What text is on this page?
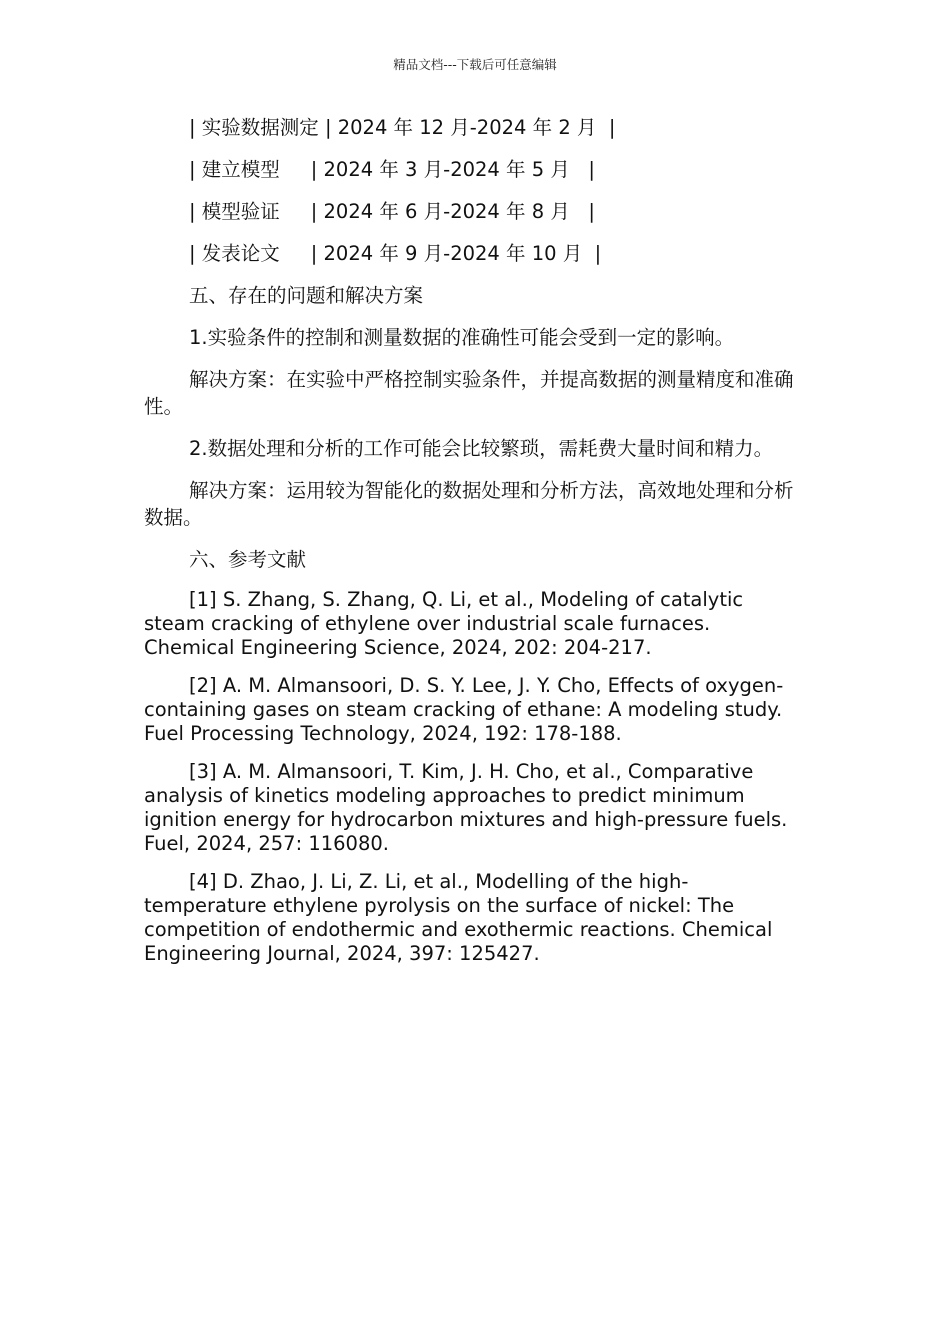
精品文档---下载后可任意编辑
| 实验数据测定 | 2024 年 12 月-2024 年 2 月  |
| 建立模型     | 2024 年 3 月-2024 年 5 月   |
| 模型验证     | 2024 年 6 月-2024 年 8 月   |
| 发表论文     | 2024 年 9 月-2024 年 10 月  |
五、存在的问题和解决方案
1.实验条件的控制和测量数据的准确性可能会受到一定的影响。
解决方案：在实验中严格控制实验条件，并提高数据的测量精度和准确性。
2.数据处理和分析的工作可能会比较繁琐，需耗费大量时间和精力。
解决方案：运用较为智能化的数据处理和分析方法，高效地处理和分析数据。
六、参考文献
[1] S. Zhang, S. Zhang, Q. Li, et al., Modeling of catalytic steam cracking of ethylene over industrial scale furnaces. Chemical Engineering Science, 2024, 202: 204-217.
[2] A. M. Almansoori, D. S. Y. Lee, J. Y. Cho, Effects of oxygen-containing gases on steam cracking of ethane: A modeling study. Fuel Processing Technology, 2024, 192: 178-188.
[3] A. M. Almansoori, T. Kim, J. H. Cho, et al., Comparative analysis of kinetics modeling approaches to predict minimum ignition energy for hydrocarbon mixtures and high-pressure fuels. Fuel, 2024, 257: 116080.
[4] D. Zhao, J. Li, Z. Li, et al., Modelling of the high-temperature ethylene pyrolysis on the surface of nickel: The competition of endothermic and exothermic reactions. Chemical Engineering Journal, 2024, 397: 125427.
